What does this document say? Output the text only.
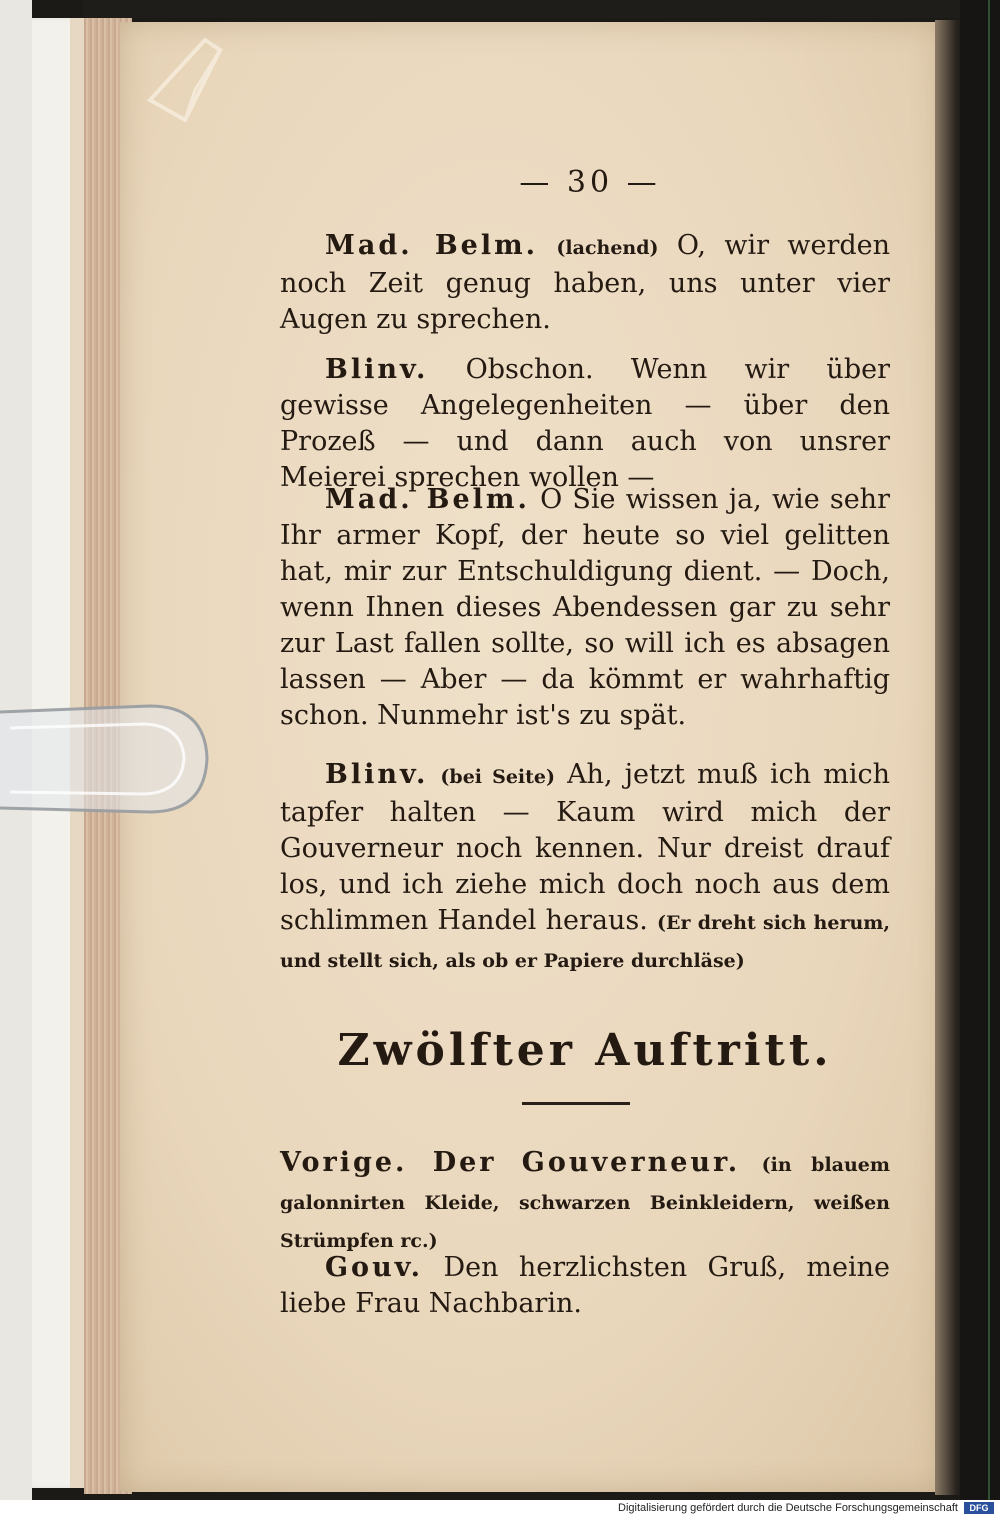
— 30 —
Mad. Belm. (lachend) O, wir werden noch Zeit genug haben, uns unter vier Augen zu sprechen.
Blinv. Obschon. Wenn wir über gewisse Angelegenheiten — über den Prozeß — und dann auch von unsrer Meierei sprechen wollen —
Mad. Belm. O Sie wissen ja, wie sehr Ihr armer Kopf, der heute so viel gelitten hat, mir zur Entschuldigung dient. — Doch, wenn Ihnen dieses Abendessen gar zu sehr zur Last fallen sollte, so will ich es absagen lassen — Aber — da kömmt er wahrhaftig schon. Nunmehr ist's zu spät.
Blinv. (bei Seite) Ah, jetzt muß ich mich tapfer halten — Kaum wird mich der Gouverneur noch kennen. Nur dreist drauf los, und ich ziehe mich doch noch aus dem schlimmen Handel heraus. (Er dreht sich herum, und stellt sich, als ob er Papiere durchläse)
Zwölfter Auftritt.
Vorige. Der Gouverneur. (in blauem galonnirten Kleide, schwarzen Beinkleidern, weißen Strümpfen rc.)
Gouv. Den herzlichsten Gruß, meine liebe Frau Nachbarin.
Digitalisierung gefördert durch die Deutsche Forschungsgemeinschaft	DFG
